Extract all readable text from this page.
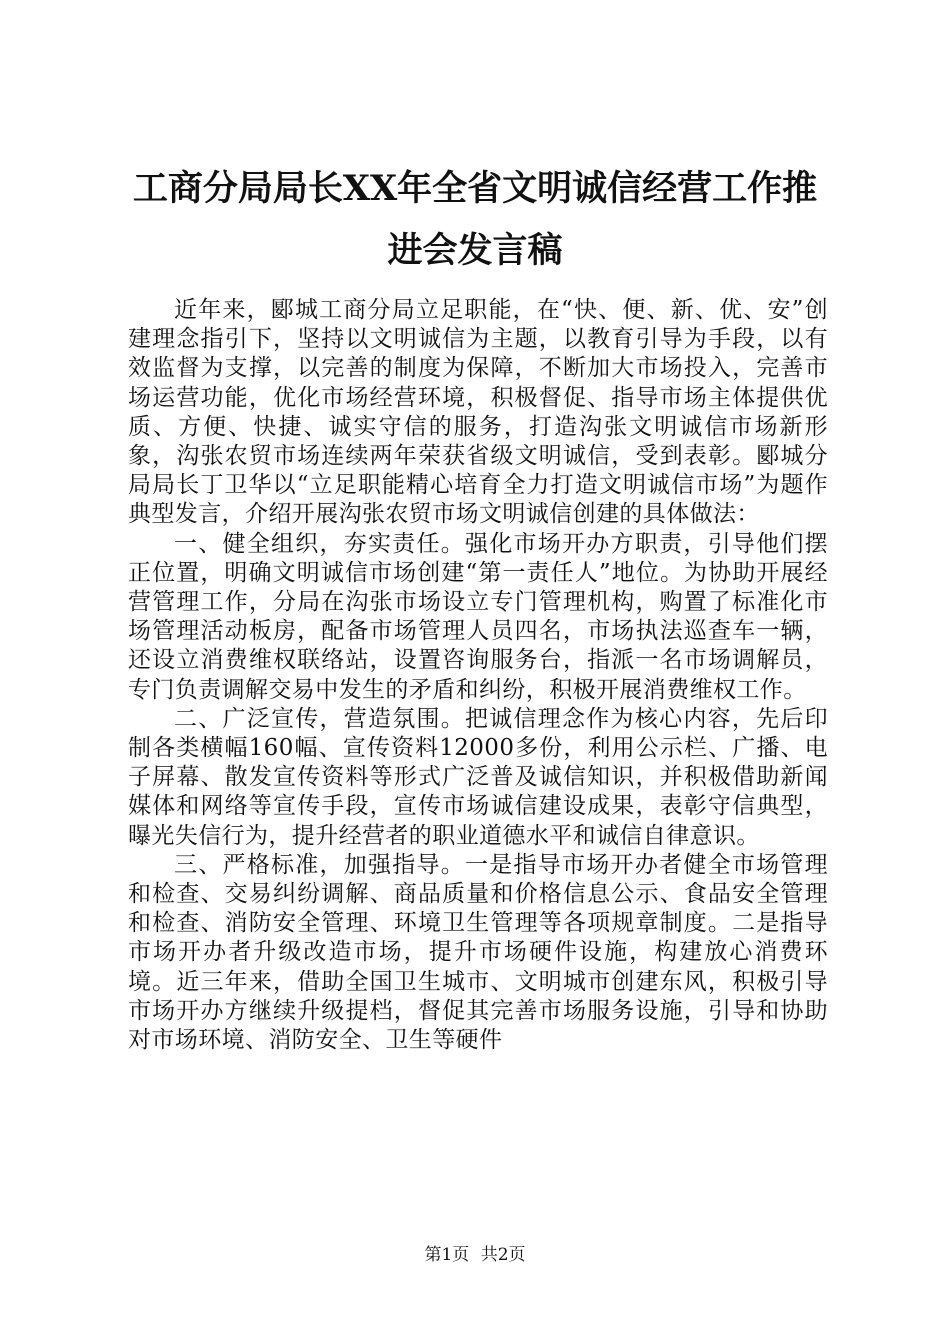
工商分局局长XX年全省文明诚信经营工作推进会发言稿

近年来，郾城工商分局立足职能，在“快、便、新、优、安”创建理念指引下，坚持以文明诚信为主题，以教育引导为手段，以有效监督为支撑，以完善的制度为保障，不断加大市场投入，完善市场运营功能，优化市场经营环境，积极督促、指导市场主体提供优质、方便、快捷、诚实守信的服务，打造沟张文明诚信市场新形象，沟张农贸市场连续两年荣获省级文明诚信，受到表彰。郾城分局局长丁卫华以“立足职能精心培育全力打造文明诚信市场”为题作典型发言，介绍开展沟张农贸市场文明诚信创建的具体做法：

一、健全组织，夯实责任。强化市场开办方职责，引导他们摆正位置，明确文明诚信市场创建“第一责任人”地位。为协助开展经营管理工作，分局在沟张市场设立专门管理机构，购置了标准化市场管理活动板房，配备市场管理人员四名，市场执法巡查车一辆，还设立消费维权联络站，设置咨询服务台，指派一名市场调解员，专门负责调解交易中发生的矛盾和纠纷，积极开展消费维权工作。

二、广泛宣传，营造氛围。把诚信理念作为核心内容，先后印制各类横幅160幅、宣传资料12000多份，利用公示栏、广播、电子屏幕、散发宣传资料等形式广泛普及诚信知识，并积极借助新闻媒体和网络等宣传手段，宣传市场诚信建设成果，表彰守信典型，曝光失信行为，提升经营者的职业道德水平和诚信自律意识。

三、严格标准，加强指导。一是指导市场开办者健全市场管理和检查、交易纠纷调解、商品质量和价格信息公示、食品安全管理和检查、消防安全管理、环境卫生管理等各项规章制度。二是指导市场开办者升级改造市场，提升市场硬件设施，构建放心消费环境。近三年来，借助全国卫生城市、文明城市创建东风，积极引导市场开办方继续升级提档，督促其完善市场服务设施，引导和协助对市场环境、消防安全、卫生等硬件

第1页 共2页
